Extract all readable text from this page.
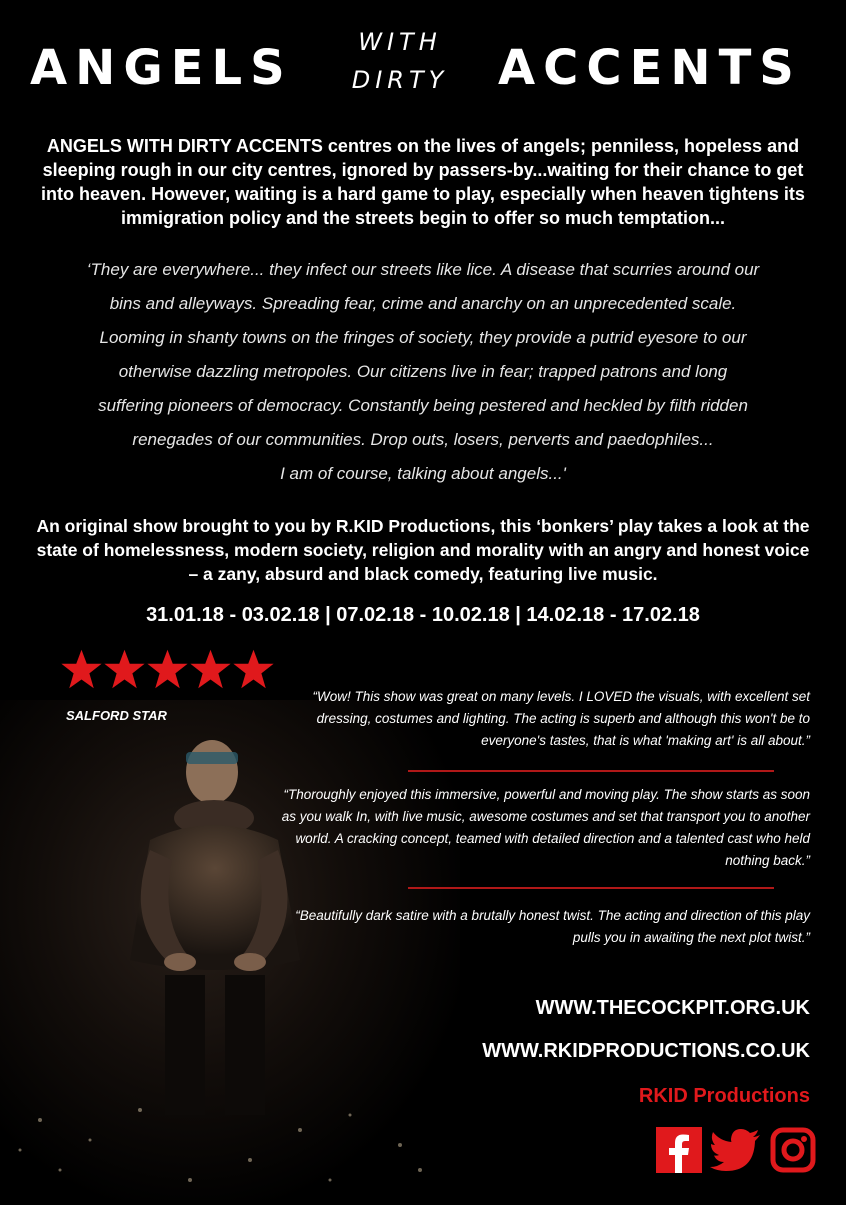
ANGELS	WITH
DIRTY	ACCENTS
ANGELS WITH DIRTY ACCENTS centres on the lives of angels; penniless, hopeless and sleeping rough in our city centres, ignored by passers-by...waiting for their chance to get into heaven. However, waiting is a hard game to play, especially when heaven tightens its immigration policy and the streets begin to offer so much temptation...
‘They are everywhere... they infect our streets like lice. A disease that scurries around our
bins and alleyways. Spreading fear, crime and anarchy on an unprecedented scale.
Looming in shanty towns on the fringes of society, they provide a putrid eyesore to our
otherwise dazzling metropoles. Our citizens live in fear; trapped patrons and long
suffering pioneers of democracy. Constantly being pestered and heckled by filth ridden
renegades of our communities. Drop outs, losers, perverts and paedophiles...
I am of course, talking about angels...'
An original show brought to you by R.KID Productions, this ‘bonkers’ play takes a look at the state of homelessness, modern society, religion and morality with an angry and honest voice – a zany, absurd and black comedy, featuring live music.
31.01.18 - 03.02.18 | 07.02.18 - 10.02.18 | 14.02.18 - 17.02.18
SALFORD STAR
“Wow! This show was great on many levels. I LOVED the visuals, with excellent set dressing, costumes and lighting. The acting is superb and although this won't be to everyone's tastes, that is what 'making art' is all about.”
“Thoroughly enjoyed this immersive, powerful and moving play. The show starts as soon as you walk In, with live music, awesome costumes and set that transport you to another world. A cracking concept, teamed with detailed direction and a talented cast who held nothing back.”
“Beautifully dark satire with a brutally honest twist. The acting and direction of this play pulls you in awaiting the next plot twist.”
WWW.THECOCKPIT.ORG.UK
WWW.RKIDPRODUCTIONS.CO.UK
RKID Productions
